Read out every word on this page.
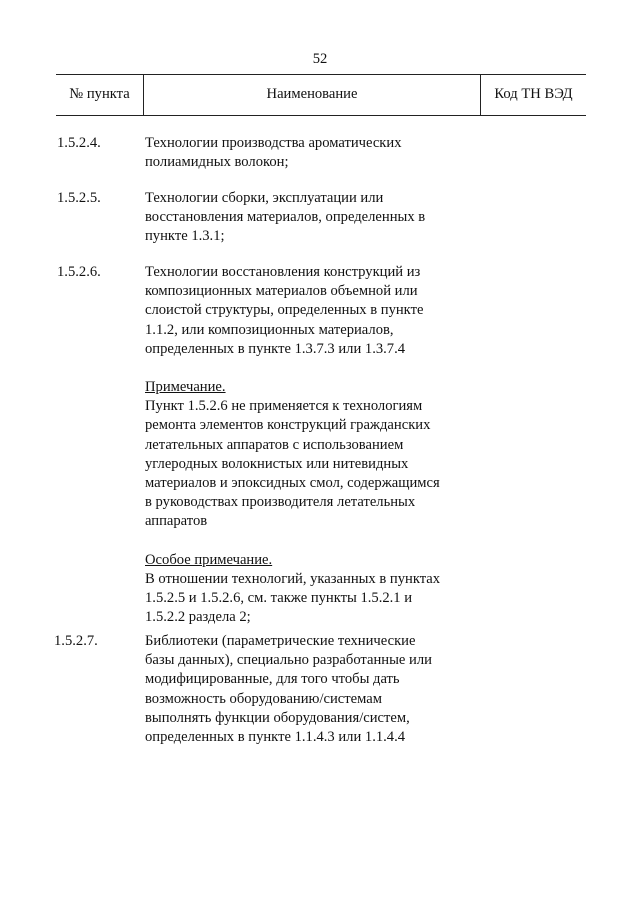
52
№ пункта	Наименование	Код ТН ВЭД
1.5.2.4.	Технологии производства ароматических

полиамидных волокон;

1.5.2.5.	Технологии сборки, эксплуатации или

восстановления материалов, определенных в

пункте 1.3.1;

1.5.2.6.	Технологии восстановления конструкций из

композиционных материалов объемной или

слоистой структуры, определенных в пункте

1.1.2, или композиционных материалов,

определенных в пункте 1.3.7.3 или 1.3.7.4

Примечание.

Пункт 1.5.2.6 не применяется к технологиям

ремонта элементов конструкций гражданских

летательных аппаратов с использованием

углеродных волокнистых или нитевидных

материалов и эпоксидных смол, содержащимся

в руководствах производителя летательных

аппаратов

Особое примечание.

В отношении технологий, указанных в пунктах

1.5.2.5 и 1.5.2.6, см. также пункты 1.5.2.1 и

1.5.2.2 раздела 2;

1.5.2.7.	Библиотеки (параметрические технические

базы данных), специально разработанные или

модифицированные, для того чтобы дать

возможность оборудованию/системам

выполнять функции оборудования/систем,

определенных в пункте 1.1.4.3 или 1.1.4.4
